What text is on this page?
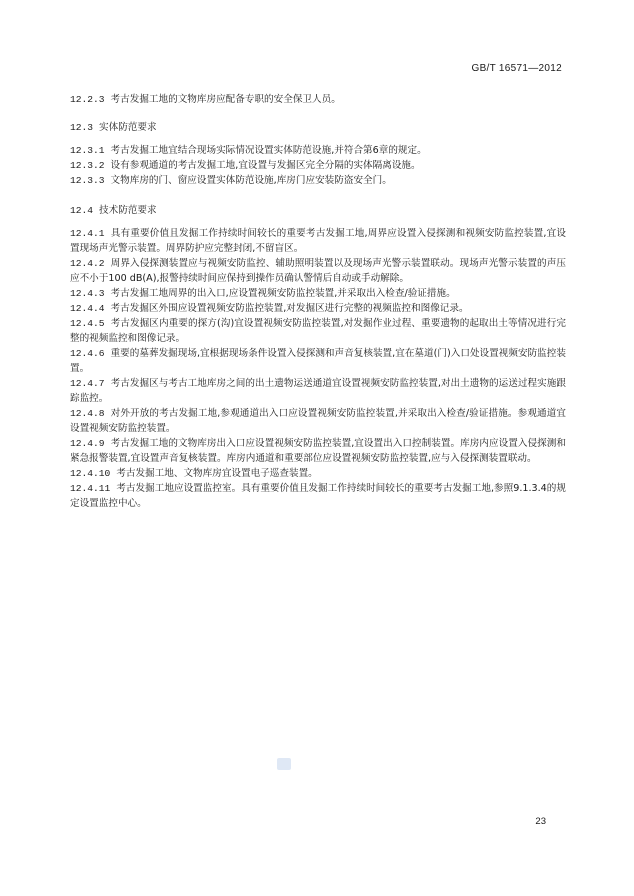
GB/T 16571—2012
12.2.3 考古发掘工地的文物库房应配备专职的安全保卫人员。
12.3 实体防范要求
12.3.1 考古发掘工地宜结合现场实际情况设置实体防范设施,并符合第6章的规定。
12.3.2 设有参观通道的考古发掘工地,宜设置与发掘区完全分隔的实体隔离设施。
12.3.3 文物库房的门、窗应设置实体防范设施,库房门应安装防盗安全门。
12.4 技术防范要求
12.4.1 具有重要价值且发掘工作持续时间较长的重要考古发掘工地,周界应设置入侵探测和视频安防监控装置,宜设置现场声光警示装置。周界防护应完整封闭,不留盲区。
12.4.2 周界入侵探测装置应与视频安防监控、辅助照明装置以及现场声光警示装置联动。现场声光警示装置的声压应不小于100 dB(A),报警持续时间应保持到操作员确认警情后自动或手动解除。
12.4.3 考古发掘工地周界的出入口,应设置视频安防监控装置,并采取出入检查/验证措施。
12.4.4 考古发掘区外围应设置视频安防监控装置,对发掘区进行完整的视频监控和图像记录。
12.4.5 考古发掘区内重要的探方(沟)宜设置视频安防监控装置,对发掘作业过程、重要遗物的起取出土等情况进行完整的视频监控和图像记录。
12.4.6 重要的墓葬发掘现场,宜根据现场条件设置入侵探测和声音复核装置,宜在墓道(门)入口处设置视频安防监控装置。
12.4.7 考古发掘区与考古工地库房之间的出土遗物运送通道宜设置视频安防监控装置,对出土遗物的运送过程实施跟踪监控。
12.4.8 对外开放的考古发掘工地,参观通道出入口应设置视频安防监控装置,并采取出入检查/验证措施。参观通道宜设置视频安防监控装置。
12.4.9 考古发掘工地的文物库房出入口应设置视频安防监控装置,宜设置出入口控制装置。库房内应设置入侵探测和紧急报警装置,宜设置声音复核装置。库房内通道和重要部位应设置视频安防监控装置,应与入侵探测装置联动。
12.4.10 考古发掘工地、文物库房宜设置电子巡查装置。
12.4.11 考古发掘工地应设置监控室。具有重要价值且发掘工作持续时间较长的重要考古发掘工地,参照9.1.3.4的规定设置监控中心。
23
